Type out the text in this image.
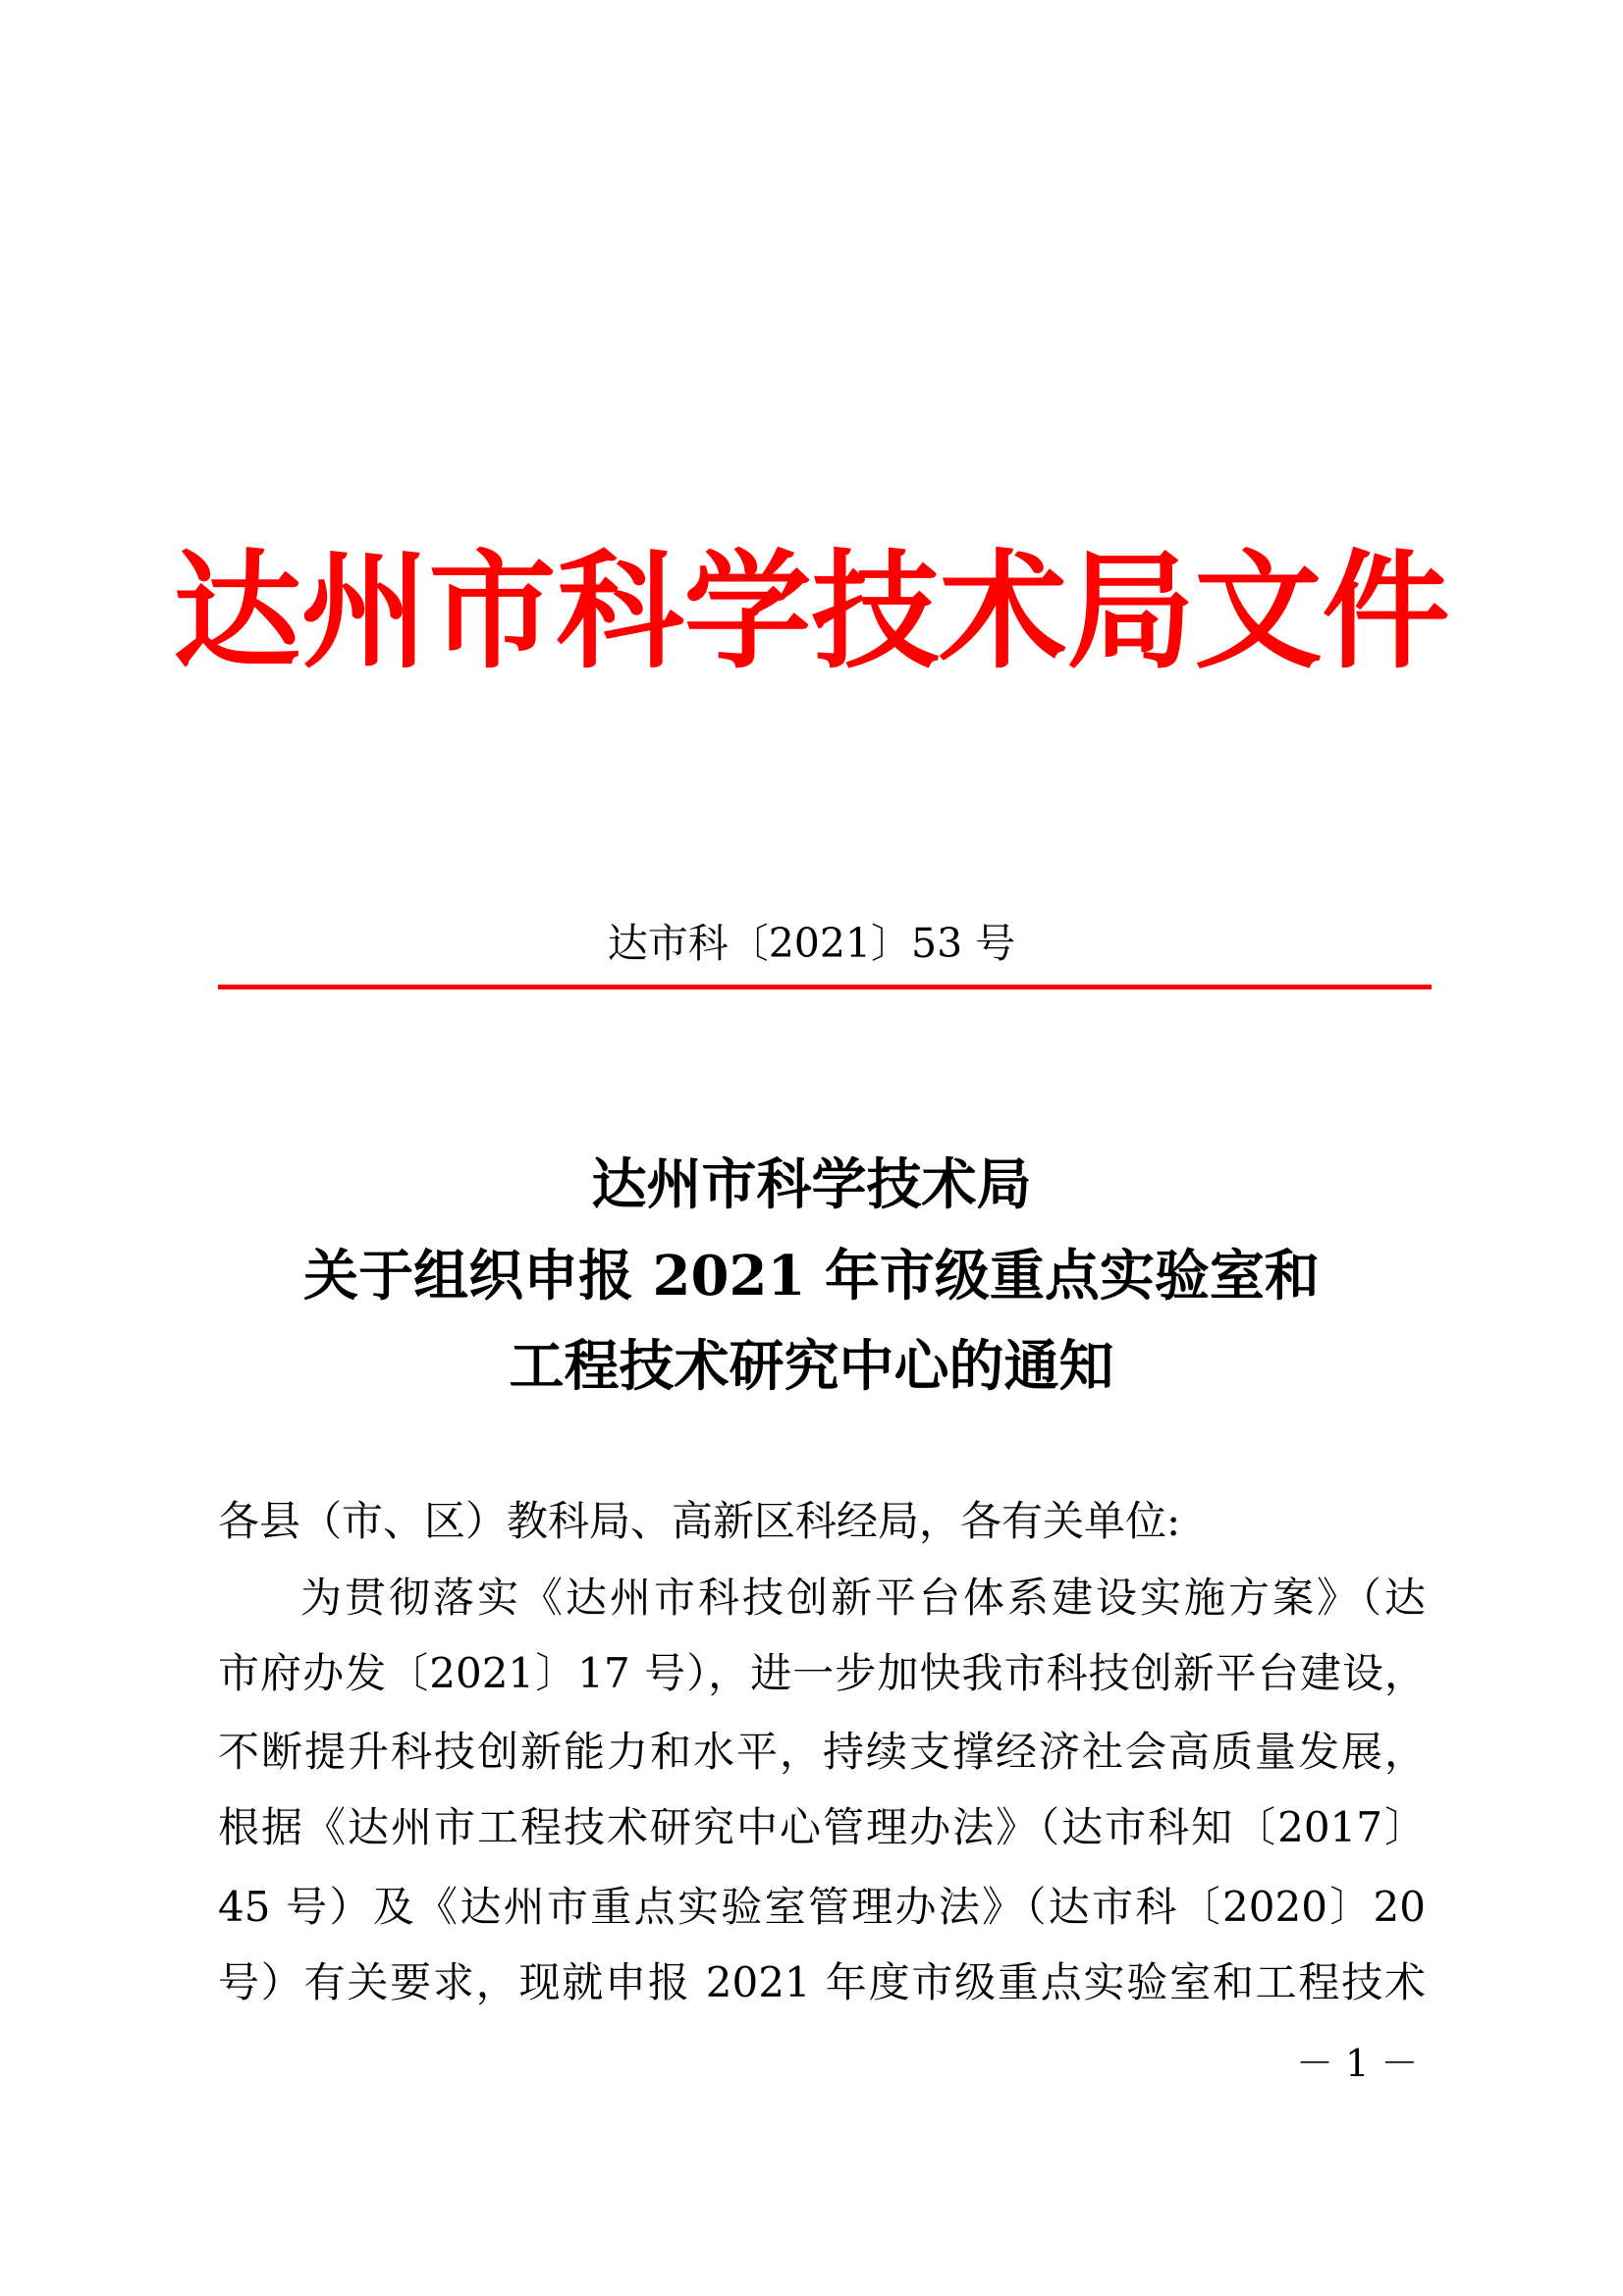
达州市科学技术局文件
达市科〔2021〕53 号
达州市科学技术局
关于组织申报 2021 年市级重点实验室和
工程技术研究中心的通知
各县（市、区）教科局、高新区科经局，各有关单位:
为贯彻落实《达州市科技创新平台体系建设实施方案》（达
市府办发〔2021〕17 号），进一步加快我市科技创新平台建设，
不断提升科技创新能力和水平，持续支撑经济社会高质量发展，
根据《达州市工程技术研究中心管理办法》（达市科知〔2017〕
45 号）及《达州市重点实验室管理办法》（达市科〔2020〕20
号）有关要求，现就申报 2021 年度市级重点实验室和工程技术
－ 1 －
